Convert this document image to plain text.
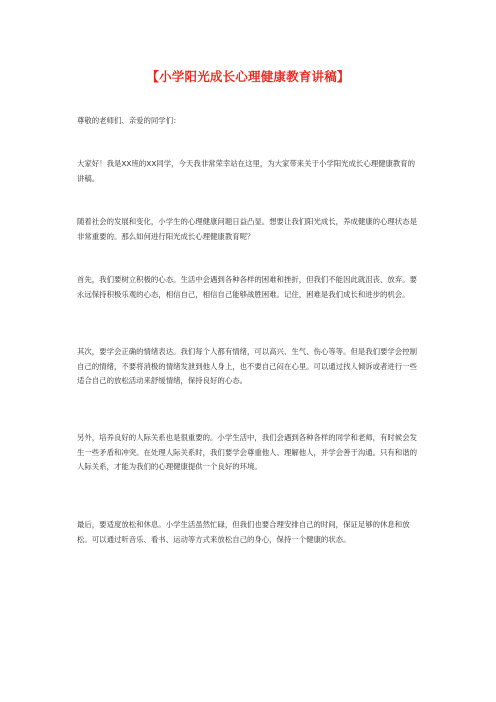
【小学阳光成长心理健康教育讲稿】

尊敬的老师们、亲爱的同学们：

大家好！我是XX班的XX同学，今天我非常荣幸站在这里，为大家带来关于小学阳光成长心理健康教育的讲稿。

随着社会的发展和变化，小学生的心理健康问题日益凸显。想要让我们阳光成长，养成健康的心理状态是非常重要的。那么如何进行阳光成长心理健康教育呢？

首先，我们要树立积极的心态。生活中会遇到各种各样的困难和挫折，但我们不能因此就沮丧、放弃。要永远保持积极乐观的心态，相信自己，相信自己能够战胜困难。记住，困难是我们成长和进步的机会。

其次，要学会正确的情绪表达。我们每个人都有情绪，可以高兴、生气、伤心等等。但是我们要学会控制自己的情绪，不要将消极的情绪发泄到他人身上，也不要自己闷在心里。可以通过找人倾诉或者进行一些适合自己的放松活动来舒缓情绪，保持良好的心态。

另外，培养良好的人际关系也是很重要的。小学生活中，我们会遇到各种各样的同学和老师，有时候会发生一些矛盾和冲突。在处理人际关系时，我们要学会尊重他人、理解他人，并学会善于沟通。只有和谐的人际关系，才能为我们的心理健康提供一个良好的环境。

最后，要适度放松和休息。小学生活虽然忙碌，但我们也要合理安排自己的时间，保证足够的休息和放松。可以通过听音乐、看书、运动等方式来放松自己的身心，保持一个健康的状态。
